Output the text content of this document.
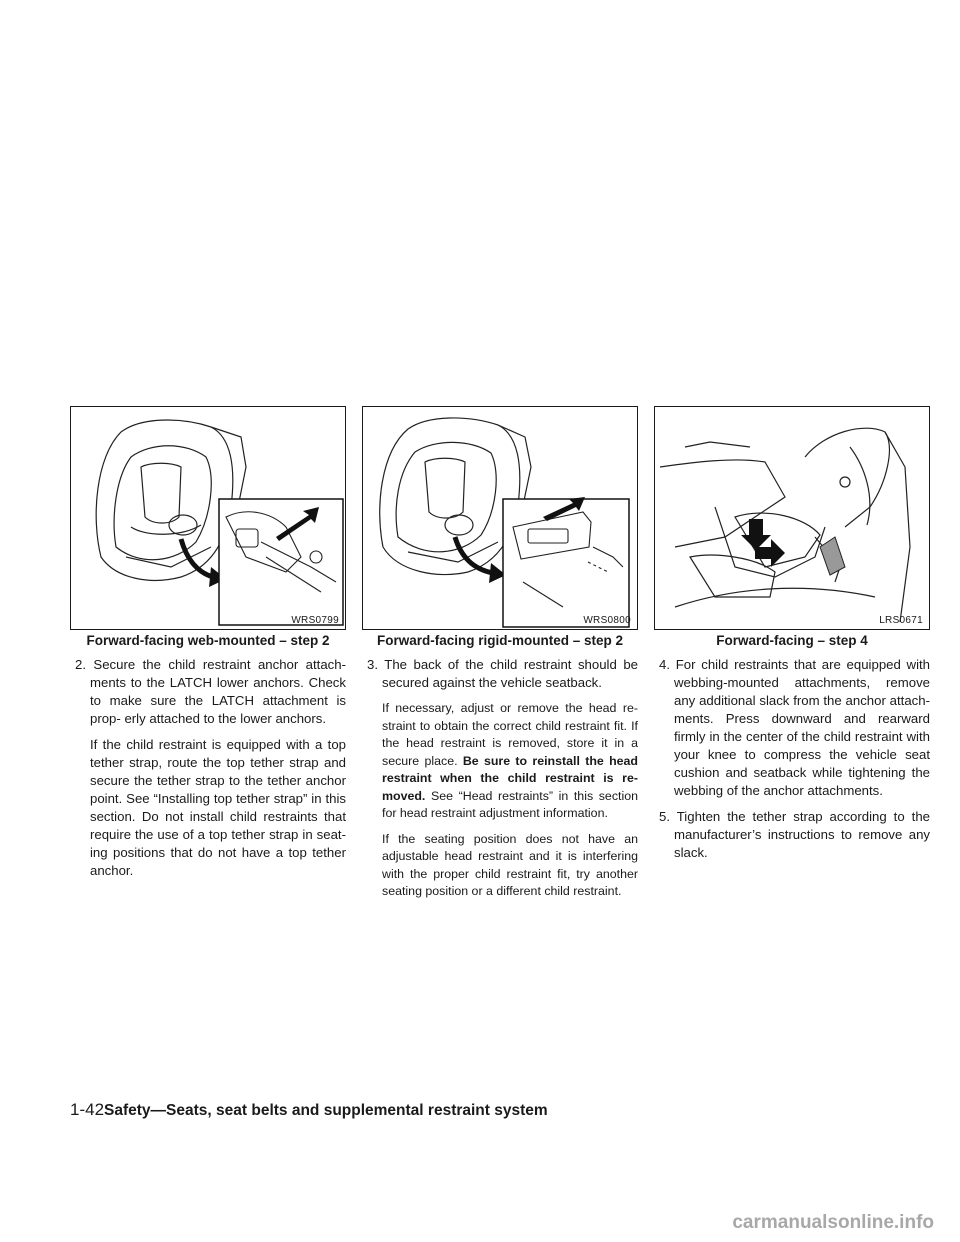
WRS0799
Forward-facing web-mounted – step 2
WRS0800
Forward-facing rigid-mounted – step 2
LRS0671
Forward-facing – step 4

2. Secure the child restraint anchor attach- ments to the LATCH lower anchors. Check to make sure the LATCH attachment is prop- erly attached to the lower anchors.

If the child restraint is equipped with a top tether strap, route the top tether strap and secure the tether strap to the tether anchor point. See “Installing top tether strap” in this section. Do not install child restraints that require the use of a top tether strap in seat- ing positions that do not have a top tether anchor.

3. The back of the child restraint should be secured against the vehicle seatback.

If necessary, adjust or remove the head re- straint to obtain the correct child restraint fit. If the head restraint is removed, store it in a secure place. Be sure to reinstall the head restraint when the child restraint is re- moved. See “Head restraints” in this section for head restraint adjustment information.

If the seating position does not have an adjustable head restraint and it is interfering with the proper child restraint fit, try another seating position or a different child restraint.

4. For child restraints that are equipped with webbing-mounted attachments, remove any additional slack from the anchor attach- ments. Press downward and rearward firmly in the center of the child restraint with your knee to compress the vehicle seat cushion and seatback while tightening the webbing of the anchor attachments.

5. Tighten the tether strap according to the manufacturer’s instructions to remove any slack.

1-42Safety—Seats, seat belts and supplemental restraint system
carmanualsonline.info
